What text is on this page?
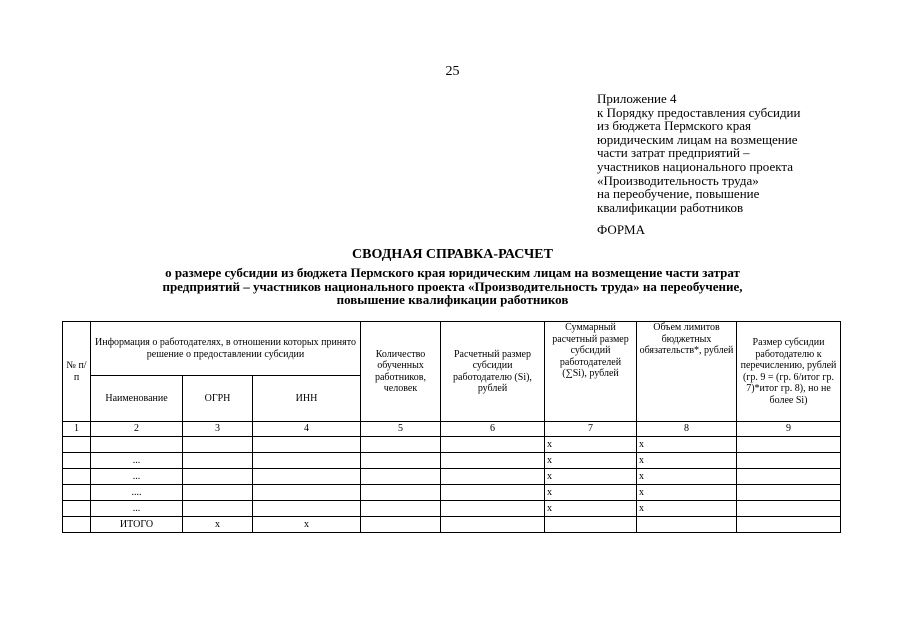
25
Приложение 4
к Порядку предоставления субсидии
из бюджета Пермского края
юридическим лицам на возмещение
части затрат предприятий –
участников национального проекта
«Производительность труда»
на переобучение, повышение
квалификации работников
ФОРМА
СВОДНАЯ СПРАВКА-РАСЧЕТ
о размере субсидии из бюджета Пермского края юридическим лицам на возмещение части затрат
предприятий – участников национального проекта «Производительность труда» на переобучение,
повышение квалификации работников
№ п/п	Информация о работодателях, в отношении которых принято решение о предоставлении субсидии			Количество обученных работников, человек	Расчетный размер субсидии работодателю (Si), рублей	Суммарный расчетный размер субсидий работодателей (∑Si), рублей	Объем лимитов бюджетных обязательств*, рублей	Размер субсидии работодателю к перечислению, рублей (гр. 9 = (гр. 6/итог гр. 7)*итог гр. 8), но не более Si)
	Наименование	ОГРН	ИНН					
1	2	3	4	5	6	7	8	9
						x	x	
	...					x	x	
	...					x	x	
	....					x	x	
	...					x	x	
	ИТОГО	x	x					
